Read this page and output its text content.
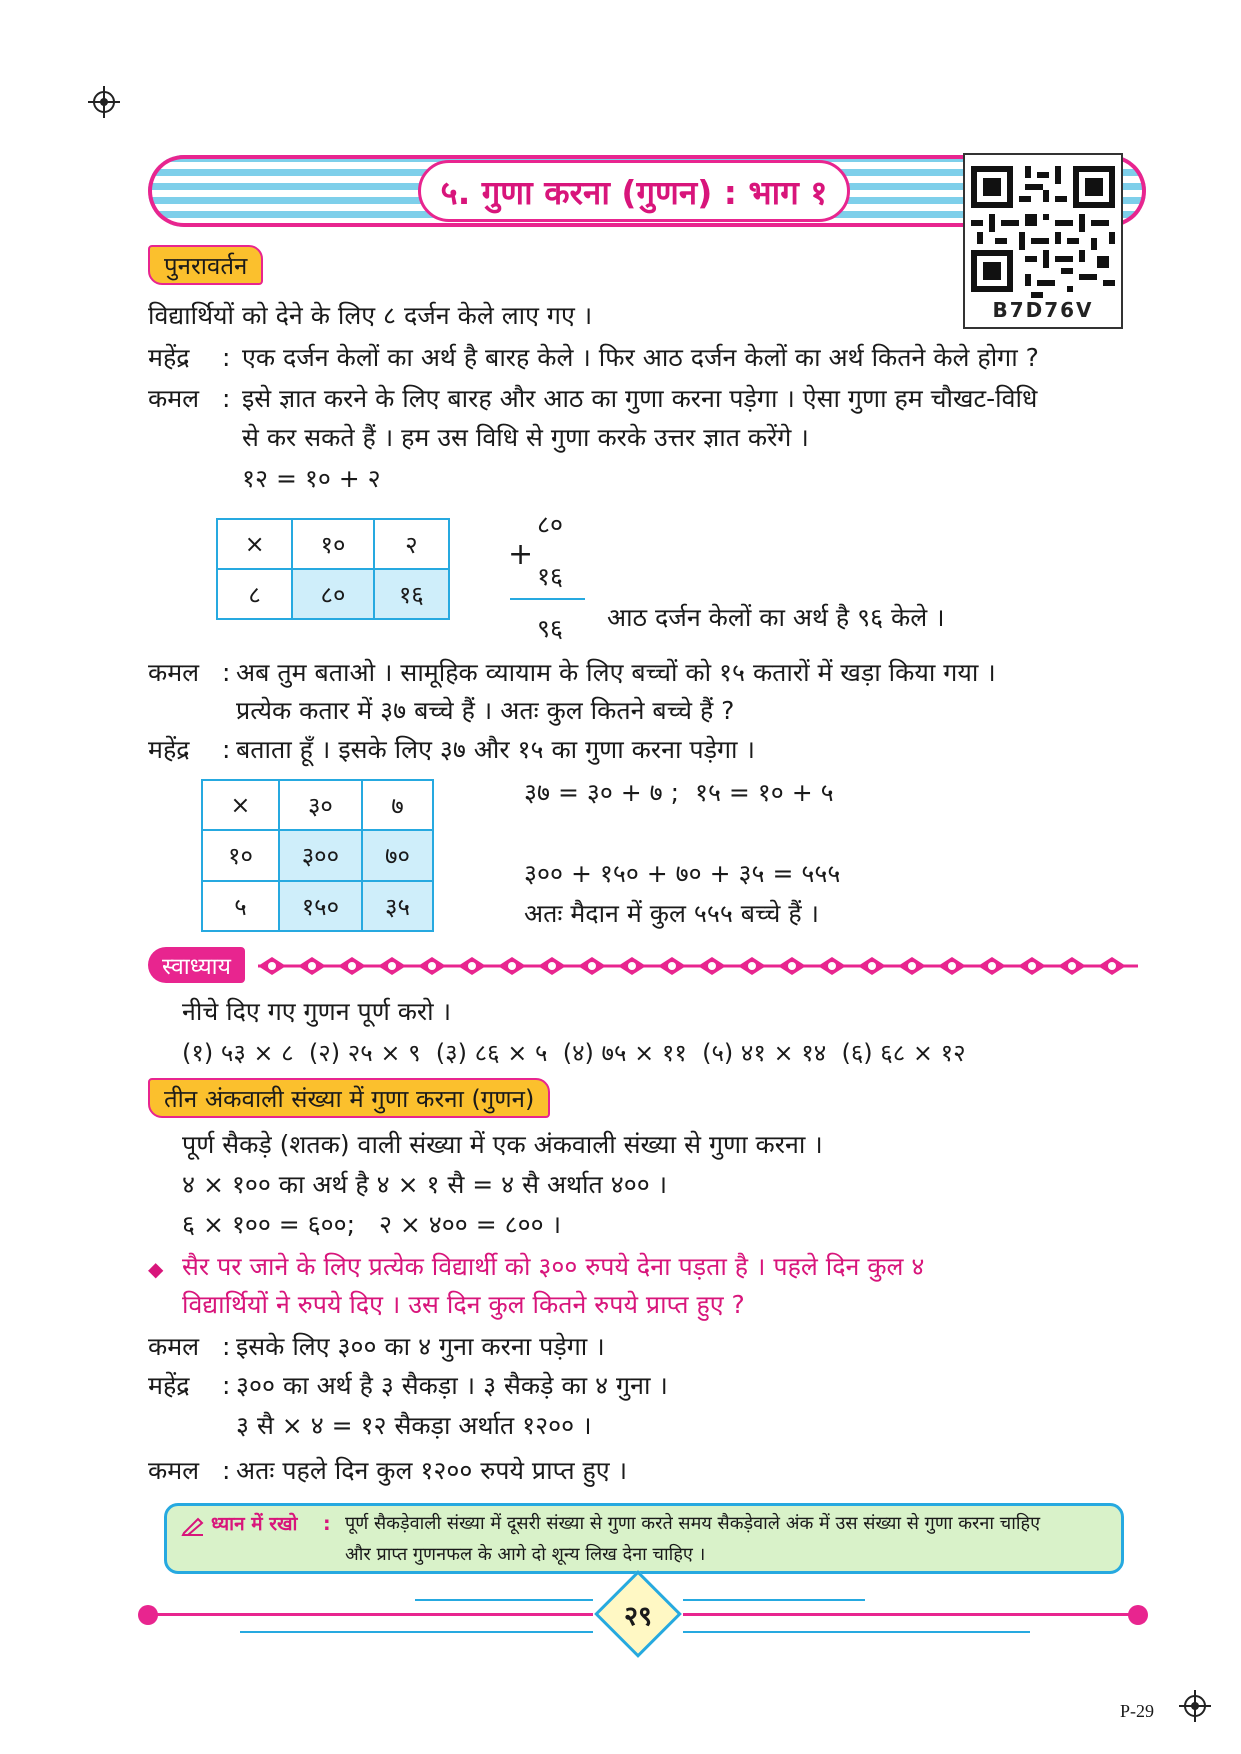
५. गुणा करना (गुणन) : भाग १
B7D76V
पुनरावर्तन
विद्यार्थियों को देने के लिए ८ दर्जन केले लाए गए ।
महेंद्र : एक दर्जन केलों का अर्थ है बारह केले । फिर आठ दर्जन केलों का अर्थ कितने केले होगा ?
कमल : इसे ज्ञात करने के लिए बारह और आठ का गुणा करना पड़ेगा । ऐसा गुणा हम चौखट-विधि
से कर सकते हैं । हम उस विधि से गुणा करके उत्तर ज्ञात करेंगे ।
१२ = १० + २
×	१०	२
८	८०	१६
८०
+
१६
९६ आठ दर्जन केलों का अर्थ है ९६ केले ।
कमल : अब तुम बताओ । सामूहिक व्यायाम के लिए बच्चों को १५ कतारों में खड़ा किया गया ।
प्रत्येक कतार में ३७ बच्चे हैं । अतः कुल कितने बच्चे हैं ?
महेंद्र : बताता हूँ । इसके लिए ३७ और १५ का गुणा करना पड़ेगा ।
×	३०	७
१०	३००	७०
५	१५०	३५
३७ = ३० + ७ ;  १५ = १० + ५
३०० + १५० + ७० + ३५ = ५५५
अतः मैदान में कुल ५५५ बच्चे हैं ।
स्वाध्याय
नीचे दिए गए गुणन पूर्ण करो ।
(१) ५३ × ८  (२) २५ × ९  (३) ८६ × ५  (४) ७५ × ११  (५) ४१ × १४  (६) ६८ × १२
तीन अंकवाली संख्या में गुणा करना (गुणन)
पूर्ण सैकड़े (शतक) वाली संख्या में एक अंकवाली संख्या से गुणा करना ।
४ × १०० का अर्थ है ४ × १ सै = ४ सै अर्थात ४०० ।
६ × १०० = ६००;   २ × ४०० = ८०० ।
◆ सैर पर जाने के लिए प्रत्येक विद्यार्थी को ३०० रुपये देना पड़ता है । पहले दिन कुल ४
विद्यार्थियों ने रुपये दिए । उस दिन कुल कितने रुपये प्राप्त हुए ?
कमल : इसके लिए ३०० का ४ गुना करना पड़ेगा ।
महेंद्र : ३०० का अर्थ है ३ सैकड़ा । ३ सैकड़े का ४ गुना ।
३ सै × ४ = १२ सैकड़ा अर्थात १२०० ।
कमल : अतः पहले दिन कुल १२०० रुपये प्राप्त हुए ।
ध्यान में रखो : पूर्ण सैकड़ेवाली संख्या में दूसरी संख्या से गुणा करते समय सैकड़ेवाले अंक में उस संख्या से गुणा करना चाहिए
और प्राप्त गुणनफल के आगे दो शून्य लिख देना चाहिए ।
२९
P-29
